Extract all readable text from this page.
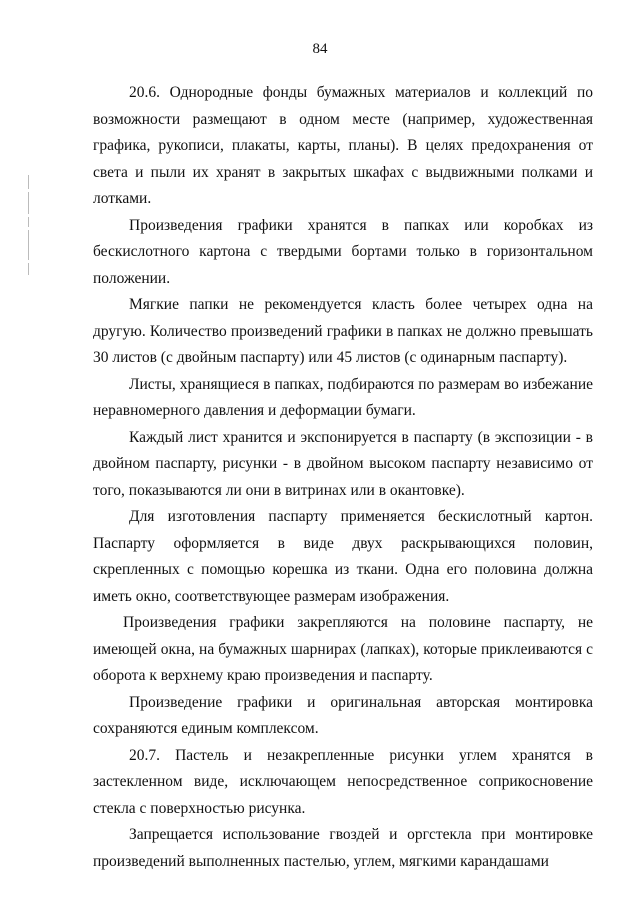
84

20.6. Однородные фонды бумажных материалов и коллекций по возможности размещают в одном месте (например, художественная графика, рукописи, плакаты, карты, планы). В целях предохранения от света и пыли их хранят в закрытых шкафах с выдвижными полками и лотками.

Произведения графики хранятся в папках или коробках из бескислотного картона с твердыми бортами только в горизонтальном положении.

Мягкие папки не рекомендуется класть более четырех одна на другую. Количество произведений графики в папках не должно превышать 30 листов (с двойным паспарту) или 45 листов (с одинарным паспарту).

Листы, хранящиеся в папках, подбираются по размерам во избежание неравномерного давления и деформации бумаги.

Каждый лист хранится и экспонируется в паспарту (в экспозиции - в двойном паспарту, рисунки - в двойном высоком паспарту независимо от того, показываются ли они в витринах или в окантовке).

Для изготовления паспарту применяется бескислотный картон. Паспарту оформляется в виде двух раскрывающихся половин, скрепленных с помощью корешка из ткани. Одна его половина должна иметь окно, соответствующее размерам изображения.

Произведения графики закрепляются на половине паспарту, не имеющей окна, на бумажных шарнирах (лапках), которые приклеиваются с оборота к верхнему краю произведения и паспарту.

Произведение графики и оригинальная авторская монтировка сохраняются единым комплексом.

20.7. Пастель и незакрепленные рисунки углем хранятся в застекленном виде, исключающем непосредственное соприкосновение стекла с поверхностью рисунка.

Запрещается использование гвоздей и оргстекла при монтировке произведений выполненных пастелью, углем, мягкими карандашами
